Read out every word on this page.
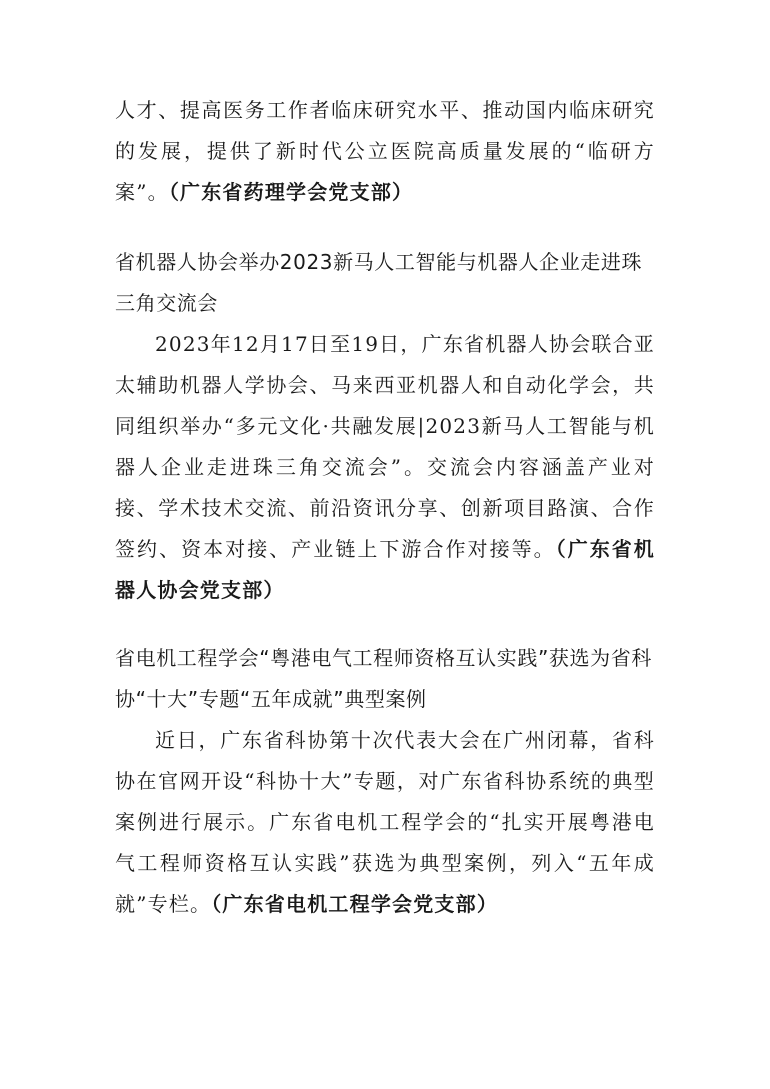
人才、提高医务工作者临床研究水平、推动国内临床研究的发展，提供了新时代公立医院高质量发展的“临研方案”。（广东省药理学会党支部）

省机器人协会举办2023新马人工智能与机器人企业走进珠三角交流会

2023年12月17日至19日，广东省机器人协会联合亚太辅助机器人学协会、马来西亚机器人和自动化学会，共同组织举办“多元文化·共融发展|2023新马人工智能与机器人企业走进珠三角交流会”。交流会内容涵盖产业对接、学术技术交流、前沿资讯分享、创新项目路演、合作签约、资本对接、产业链上下游合作对接等。（广东省机器人协会党支部）

省电机工程学会“粤港电气工程师资格互认实践”获选为省科协“十大”专题“五年成就”典型案例

近日，广东省科协第十次代表大会在广州闭幕，省科协在官网开设“科协十大”专题，对广东省科协系统的典型案例进行展示。广东省电机工程学会的“扎实开展粤港电气工程师资格互认实践”获选为典型案例，列入“五年成就”专栏。（广东省电机工程学会党支部）
